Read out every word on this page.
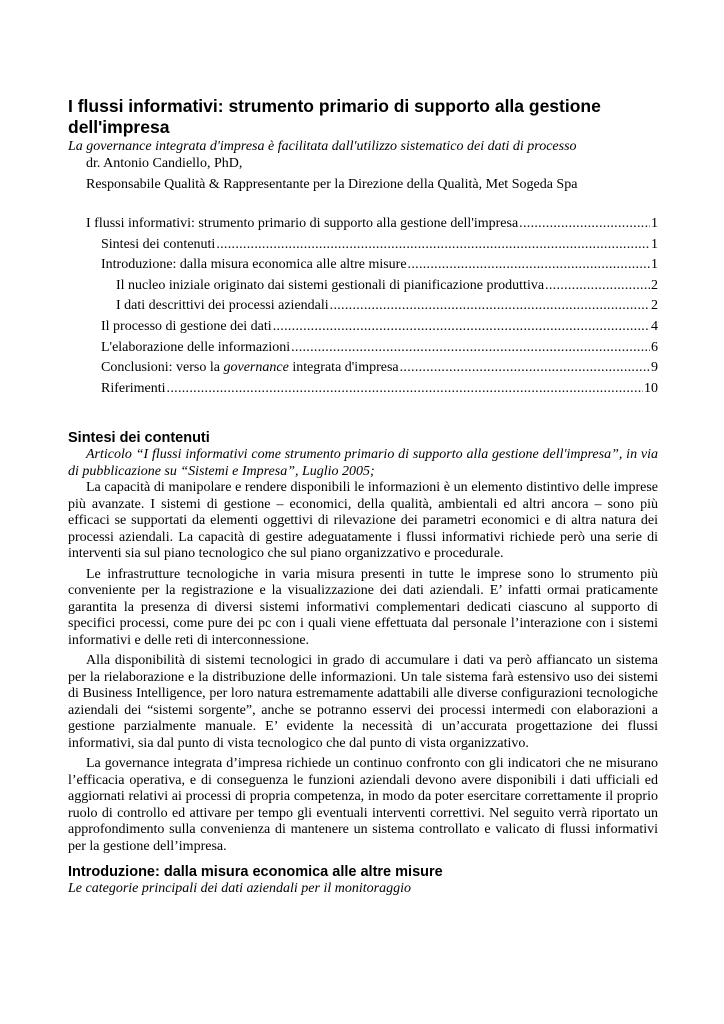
I flussi informativi: strumento primario di supporto alla gestione dell'impresa

La governance integrata d'impresa è facilitata dall'utilizzo sistematico dei dati di processo

dr. Antonio Candiello, PhD,

Responsabile Qualità & Rappresentante per la Direzione della Qualità, Met Sogeda Spa

I flussi informativi: strumento primario di supporto alla gestione dell'impresa .....	1
Sintesi dei contenuti .....	1
Introduzione: dalla misura economica alle altre misure .....	1
Il nucleo iniziale originato dai sistemi gestionali di pianificazione produttiva .....	2
I dati descrittivi dei processi aziendali .....	2
Il processo di gestione dei dati .....	4
L'elaborazione delle informazioni .....	6
Conclusioni: verso la governance integrata d'impresa .....	9
Riferimenti .....	10
Sintesi dei contenuti

Articolo “I flussi informativi come strumento primario di supporto alla gestione dell'impresa”, in via di pubblicazione su “Sistemi e Impresa”, Luglio 2005;

La capacità di manipolare e rendere disponibili le informazioni è un elemento distintivo delle imprese più avanzate. I sistemi di gestione – economici, della qualità, ambientali ed altri ancora – sono più efficaci se supportati da elementi oggettivi di rilevazione dei parametri economici e di altra natura dei processi aziendali. La capacità di gestire adeguatamente i flussi informativi richiede però una serie di interventi sia sul piano tecnologico che sul piano organizzativo e procedurale.

Le infrastrutture tecnologiche in varia misura presenti in tutte le imprese sono lo strumento più conveniente per la registrazione e la visualizzazione dei dati aziendali. E’ infatti ormai praticamente garantita la presenza di diversi sistemi informativi complementari dedicati ciascuno al supporto di specifici processi, come pure dei pc con i quali viene effettuata dal personale l’interazione con i sistemi informativi e delle reti di interconnessione.

Alla disponibilità di sistemi tecnologici in grado di accumulare i dati va però affiancato un sistema per la rielaborazione e la distribuzione delle informazioni. Un tale sistema farà estensivo uso dei sistemi di Business Intelligence, per loro natura estremamente adattabili alle diverse configurazioni tecnologiche aziendali dei “sistemi sorgente”, anche se potranno esservi dei processi intermedi con elaborazioni a gestione parzialmente manuale. E’ evidente la necessità di un’accurata progettazione dei flussi informativi, sia dal punto di vista tecnologico che dal punto di vista organizzativo.

La governance integrata d’impresa richiede un continuo confronto con gli indicatori che ne misurano l’efficacia operativa, e di conseguenza le funzioni aziendali devono avere disponibili i dati ufficiali ed aggiornati relativi ai processi di propria competenza, in modo da poter esercitare correttamente il proprio ruolo di controllo ed attivare per tempo gli eventuali interventi correttivi. Nel seguito verrà riportato un approfondimento sulla convenienza di mantenere un sistema controllato e valicato di flussi informativi per la gestione dell’impresa.

Introduzione: dalla misura economica alle altre misure

Le categorie principali dei dati aziendali per il monitoraggio
